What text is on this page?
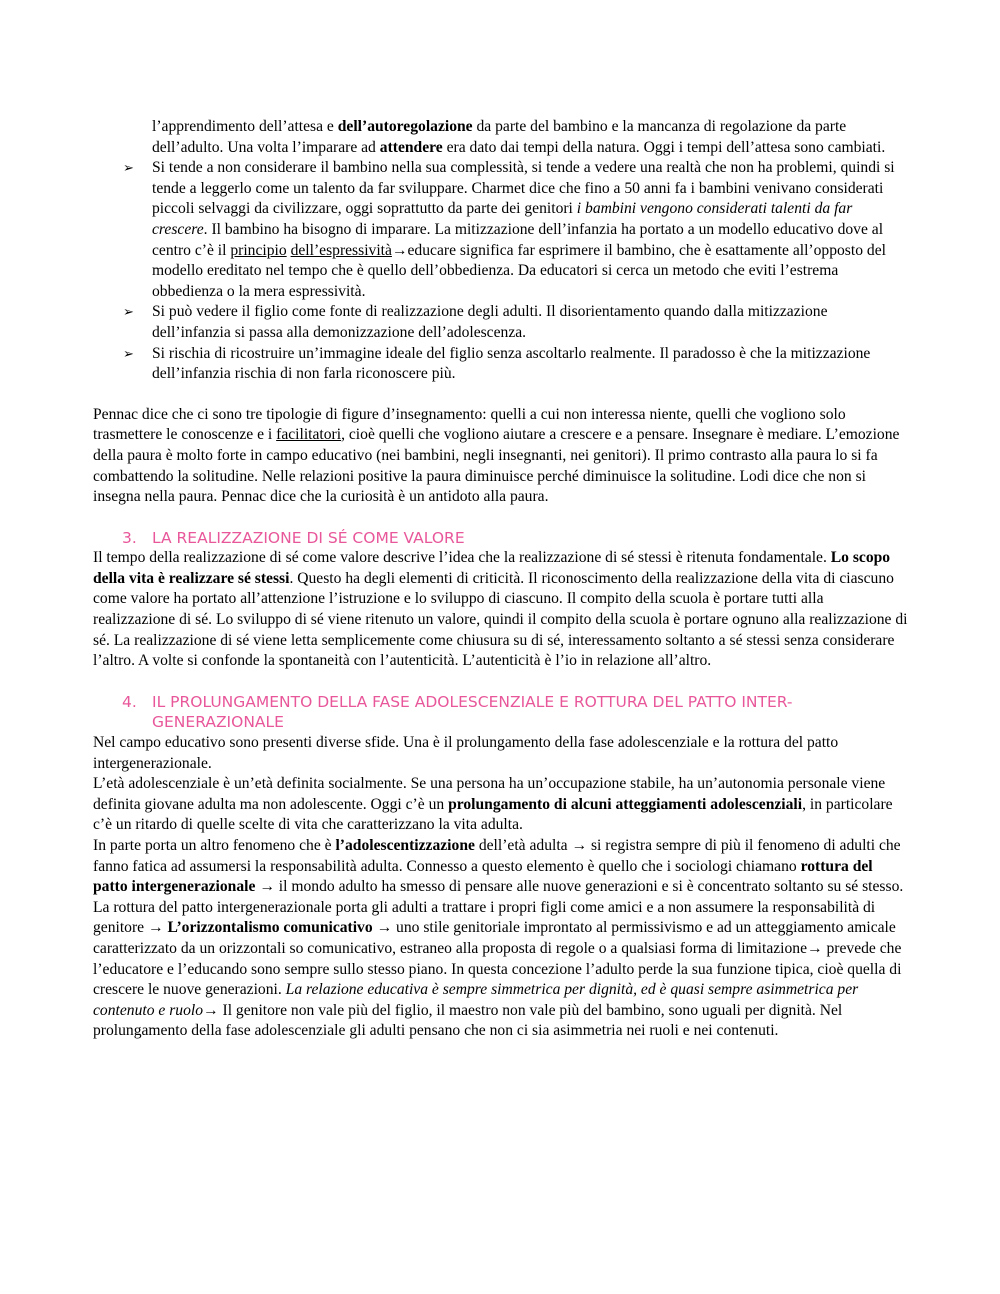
l’apprendimento dell’attesa e dell’autoregolazione da parte del bambino e la mancanza di regolazione da parte dell’adulto. Una volta l’imparare ad attendere era dato dai tempi della natura. Oggi i tempi dell’attesa sono cambiati.

➢ Si tende a non considerare il bambino nella sua complessità, si tende a vedere una realtà che non ha problemi, quindi si tende a leggerlo come un talento da far sviluppare. Charmet dice che fino a 50 anni fa i bambini venivano considerati piccoli selvaggi da civilizzare, oggi soprattutto da parte dei genitori i bambini vengono considerati talenti da far crescere. Il bambino ha bisogno di imparare. La mitizzazione dell’infanzia ha portato a un modello educativo dove al centro c’è il principio dell’espressività→educare significa far esprimere il bambino, che è esattamente all’opposto del modello ereditato nel tempo che è quello dell’obbedienza. Da educatori si cerca un metodo che eviti l’estrema obbedienza o la mera espressività.
➢ Si può vedere il figlio come fonte di realizzazione degli adulti. Il disorientamento quando dalla mitizzazione dell’infanzia si passa alla demonizzazione dell’adolescenza.
➢ Si rischia di ricostruire un’immagine ideale del figlio senza ascoltarlo realmente. Il paradosso è che la mitizzazione dell’infanzia rischia di non farla riconoscere più.

Pennac dice che ci sono tre tipologie di figure d’insegnamento: quelli a cui non interessa niente, quelli che vogliono solo trasmettere le conoscenze e i facilitatori, cioè quelli che vogliono aiutare a crescere e a pensare. Insegnare è mediare. L’emozione della paura è molto forte in campo educativo (nei bambini, negli insegnanti, nei genitori). Il primo contrasto alla paura lo si fa combattendo la solitudine. Nelle relazioni positive la paura diminuisce perché diminuisce la solitudine. Lodi dice che non si insegna nella paura. Pennac dice che la curiosità è un antidoto alla paura.

3. LA REALIZZAZIONE DI SÉ COME VALORE

Il tempo della realizzazione di sé come valore descrive l’idea che la realizzazione di sé stessi è ritenuta fondamentale. Lo scopo della vita è realizzare sé stessi. Questo ha degli elementi di criticità. Il riconoscimento della realizzazione della vita di ciascuno come valore ha portato all’attenzione l’istruzione e lo sviluppo di ciascuno. Il compito della scuola è portare tutti alla realizzazione di sé. Lo sviluppo di sé viene ritenuto un valore, quindi il compito della scuola è portare ognuno alla realizzazione di sé. La realizzazione di sé viene letta semplicemente come chiusura su di sé, interessamento soltanto a sé stessi senza considerare l’altro. A volte si confonde la spontaneità con l’autenticità. L’autenticità è l’io in relazione all’altro.

4. IL PROLUNGAMENTO DELLA FASE ADOLESCENZIALE E ROTTURA DEL PATTO INTER-GENERAZIONALE

Nel campo educativo sono presenti diverse sfide. Una è il prolungamento della fase adolescenziale e la rottura del patto intergenerazionale.

L’età adolescenziale è un’età definita socialmente. Se una persona ha un’occupazione stabile, ha un’autonomia personale viene definita giovane adulta ma non adolescente. Oggi c’è un prolungamento di alcuni atteggiamenti adolescenziali, in particolare c’è un ritardo di quelle scelte di vita che caratterizzano la vita adulta.

In parte porta un altro fenomeno che è l’adolescentizzazione dell’età adulta → si registra sempre di più il fenomeno di adulti che fanno fatica ad assumersi la responsabilità adulta. Connesso a questo elemento è quello che i sociologi chiamano rottura del patto intergenerazionale → il mondo adulto ha smesso di pensare alle nuove generazioni e si è concentrato soltanto su sé stesso. La rottura del patto intergenerazionale porta gli adulti a trattare i propri figli come amici e a non assumere la responsabilità di genitore → L’orizzontalismo comunicativo → uno stile genitoriale improntato al permissivismo e ad un atteggiamento amicale caratterizzato da un orizzontali so comunicativo, estraneo alla proposta di regole o a qualsiasi forma di limitazione→ prevede che l’educatore e l’educando sono sempre sullo stesso piano. In questa concezione l’adulto perde la sua funzione tipica, cioè quella di crescere le nuove generazioni. La relazione educativa è sempre simmetrica per dignità, ed è quasi sempre asimmetrica per contenuto e ruolo→ Il genitore non vale più del figlio, il maestro non vale più del bambino, sono uguali per dignità. Nel prolungamento della fase adolescenziale gli adulti pensano che non ci sia asimmetria nei ruoli e nei contenuti.
